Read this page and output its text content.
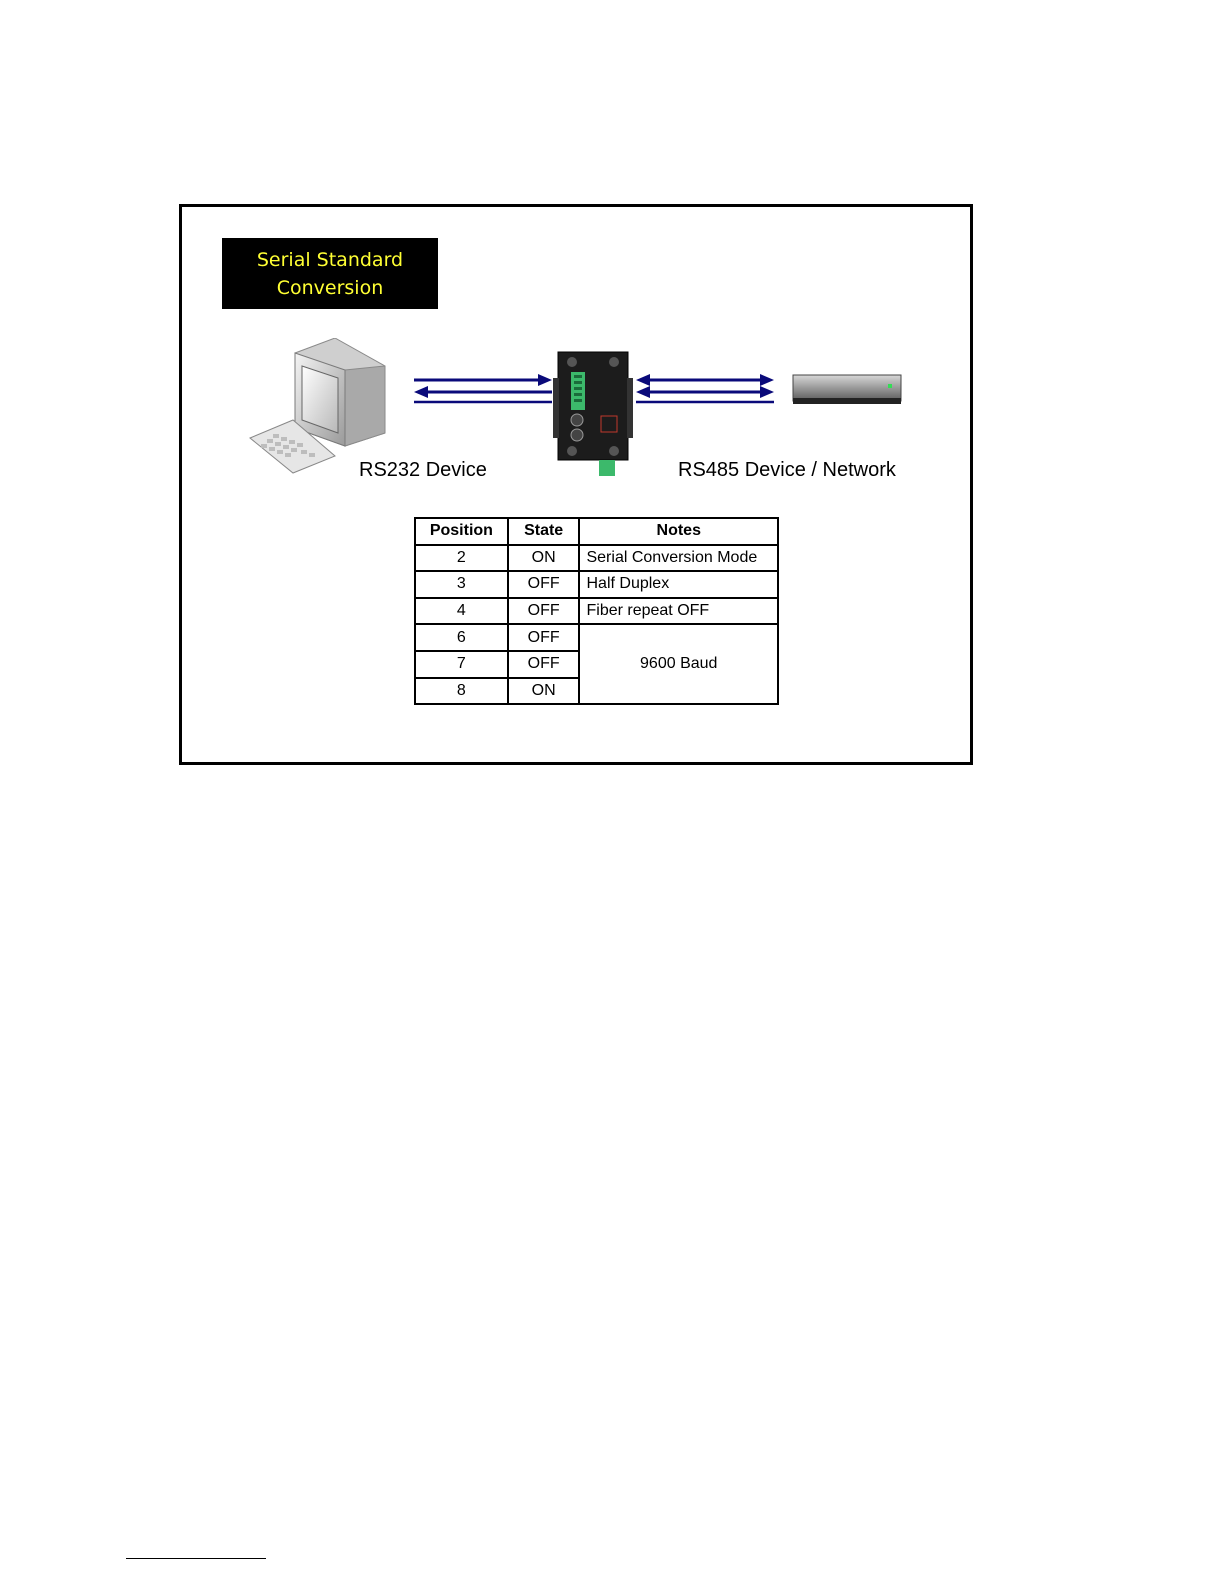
Serial Standard
Conversion
RS232 Device	RS485 Device / Network
Position	State	Notes
2	ON	Serial Conversion Mode
3	OFF	Half Duplex
4	OFF	Fiber repeat OFF
6	OFF	9600 Baud
7	OFF	
8	ON	
